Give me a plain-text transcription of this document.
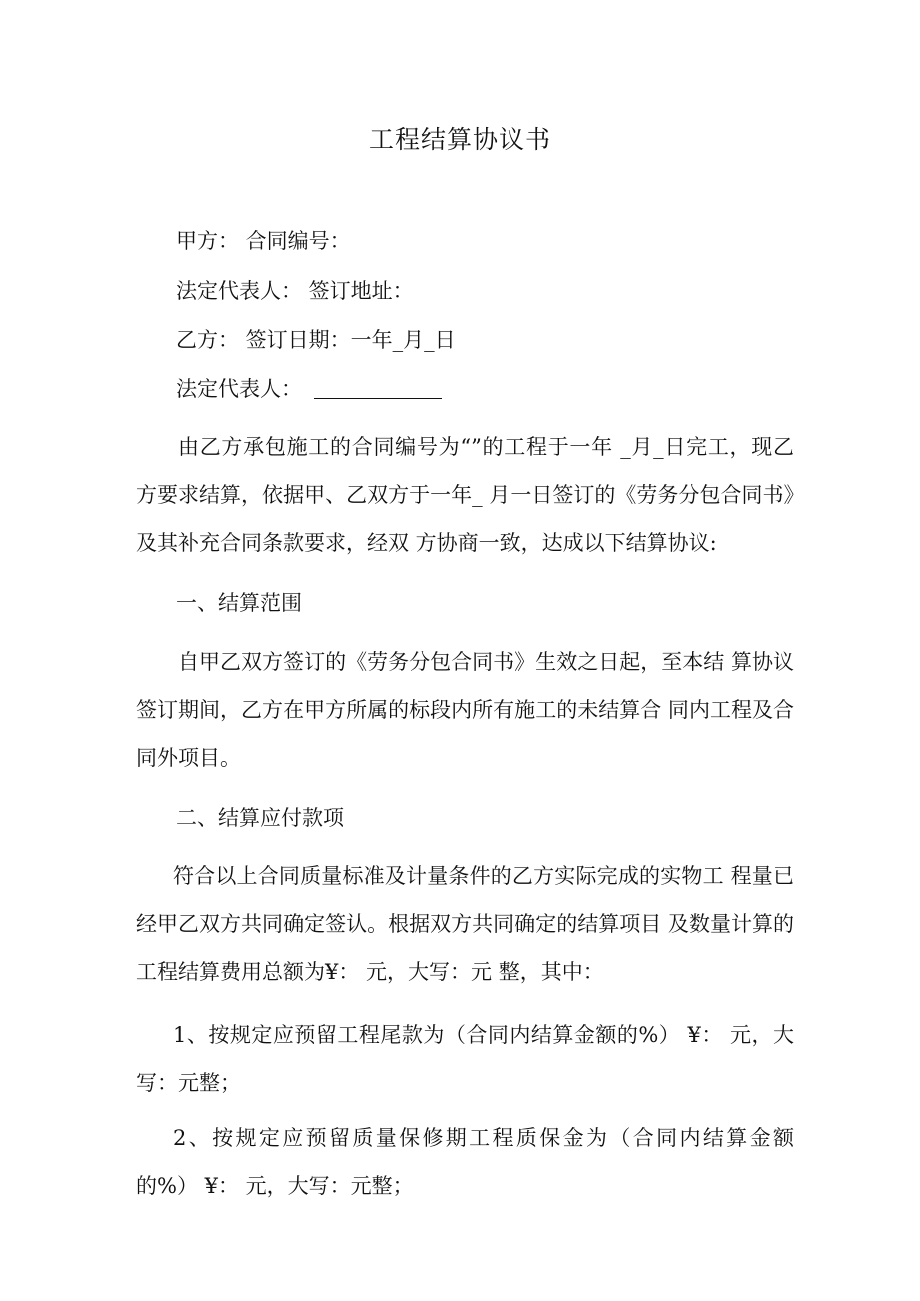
工程结算协议书
甲方： 合同编号：
法定代表人： 签订地址：
乙方： 签订日期：一年_月_日
法定代表人：
由乙方承包施工的合同编号为“”的工程于一年 _月_日完工，现乙方要求结算，依据甲、乙双方于一年_ 月一日签订的《劳务分包合同书》及其补充合同条款要求，经双 方协商一致，达成以下结算协议:
一、结算范围
自甲乙双方签订的《劳务分包合同书》生效之日起，至本结 算协议签订期间，乙方在甲方所属的标段内所有施工的未结算合 同内工程及合同外项目。
二、结算应付款项
符合以上合同质量标准及计量条件的乙方实际完成的实物工 程量已经甲乙双方共同确定签认。根据双方共同确定的结算项目 及数量计算的工程结算费用总额为¥： 元，大写：元 整，其中：
1、按规定应预留工程尾款为（合同内结算金额的%） ¥： 元，大写：元整；
2、按规定应预留质量保修期工程质保金为（合同内结算金额的%） ¥： 元，大写：元整；
